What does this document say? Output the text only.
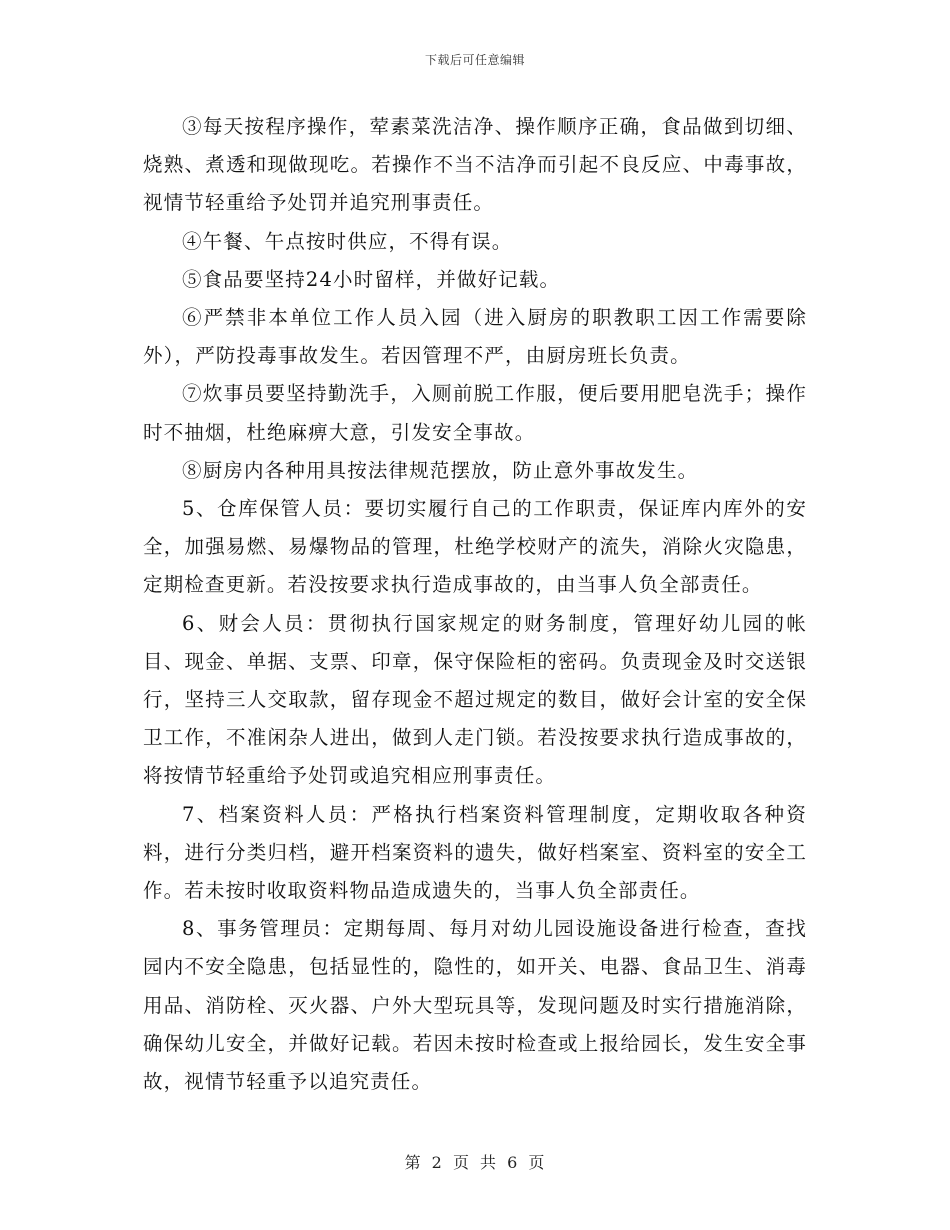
下载后可任意编辑

③每天按程序操作，荤素菜洗洁净、操作顺序正确，食品做到切细、烧熟、煮透和现做现吃。若操作不当不洁净而引起不良反应、中毒事故，视情节轻重给予处罚并追究刑事责任。

④午餐、午点按时供应，不得有误。

⑤食品要坚持24小时留样，并做好记载。

⑥严禁非本单位工作人员入园（进入厨房的职教职工因工作需要除外），严防投毒事故发生。若因管理不严，由厨房班长负责。

⑦炊事员要坚持勤洗手，入厕前脱工作服，便后要用肥皂洗手；操作时不抽烟，杜绝麻痹大意，引发安全事故。

⑧厨房内各种用具按法律规范摆放，防止意外事故发生。

5、仓库保管人员：要切实履行自己的工作职责，保证库内库外的安全，加强易燃、易爆物品的管理，杜绝学校财产的流失，消除火灾隐患，定期检查更新。若没按要求执行造成事故的，由当事人负全部责任。

6、财会人员：贯彻执行国家规定的财务制度，管理好幼儿园的帐目、现金、单据、支票、印章，保守保险柜的密码。负责现金及时交送银行，坚持三人交取款，留存现金不超过规定的数目，做好会计室的安全保卫工作，不准闲杂人进出，做到人走门锁。若没按要求执行造成事故的，将按情节轻重给予处罚或追究相应刑事责任。

7、档案资料人员：严格执行档案资料管理制度，定期收取各种资料，进行分类归档，避开档案资料的遗失，做好档案室、资料室的安全工作。若未按时收取资料物品造成遗失的，当事人负全部责任。

8、事务管理员：定期每周、每月对幼儿园设施设备进行检查，查找园内不安全隐患，包括显性的，隐性的，如开关、电器、食品卫生、消毒用品、消防栓、灭火器、户外大型玩具等，发现问题及时实行措施消除，确保幼儿安全，并做好记载。若因未按时检查或上报给园长，发生安全事故，视情节轻重予以追究责任。

第 2 页 共 6 页
